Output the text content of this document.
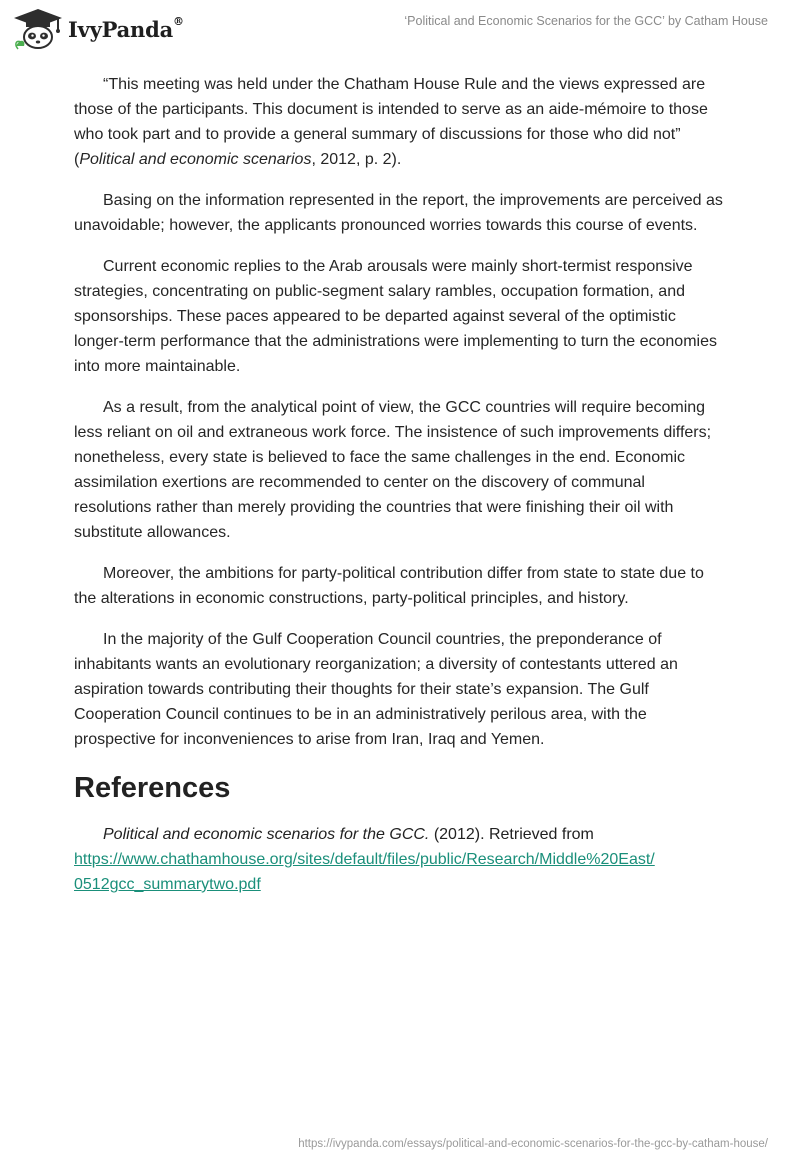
IvyPanda®	‘Political and Economic Scenarios for the GCC’ by Catham House

“This meeting was held under the Chatham House Rule and the views expressed are those of the participants. This document is intended to serve as an aide-mémoire to those who took part and to provide a general summary of discussions for those who did not” (Political and economic scenarios, 2012, p. 2).

Basing on the information represented in the report, the improvements are perceived as unavoidable; however, the applicants pronounced worries towards this course of events.

Current economic replies to the Arab arousals were mainly short-termist responsive strategies, concentrating on public-segment salary rambles, occupation formation, and sponsorships. These paces appeared to be departed against several of the optimistic longer-term performance that the administrations were implementing to turn the economies into more maintainable.

As a result, from the analytical point of view, the GCC countries will require becoming less reliant on oil and extraneous work force. The insistence of such improvements differs; nonetheless, every state is believed to face the same challenges in the end. Economic assimilation exertions are recommended to center on the discovery of communal resolutions rather than merely providing the countries that were finishing their oil with substitute allowances.

Moreover, the ambitions for party-political contribution differ from state to state due to the alterations in economic constructions, party-political principles, and history.

In the majority of the Gulf Cooperation Council countries, the preponderance of inhabitants wants an evolutionary reorganization; a diversity of contestants uttered an aspiration towards contributing their thoughts for their state’s expansion. The Gulf Cooperation Council continues to be in an administratively perilous area, with the prospective for inconveniences to arise from Iran, Iraq and Yemen.

References

Political and economic scenarios for the GCC. (2012). Retrieved from https://www.chathamhouse.org/sites/default/files/public/Research/Middle%20East/
0512gcc_summarytwo.pdf

https://ivypanda.com/essays/political-and-economic-scenarios-for-the-gcc-by-catham-house/
